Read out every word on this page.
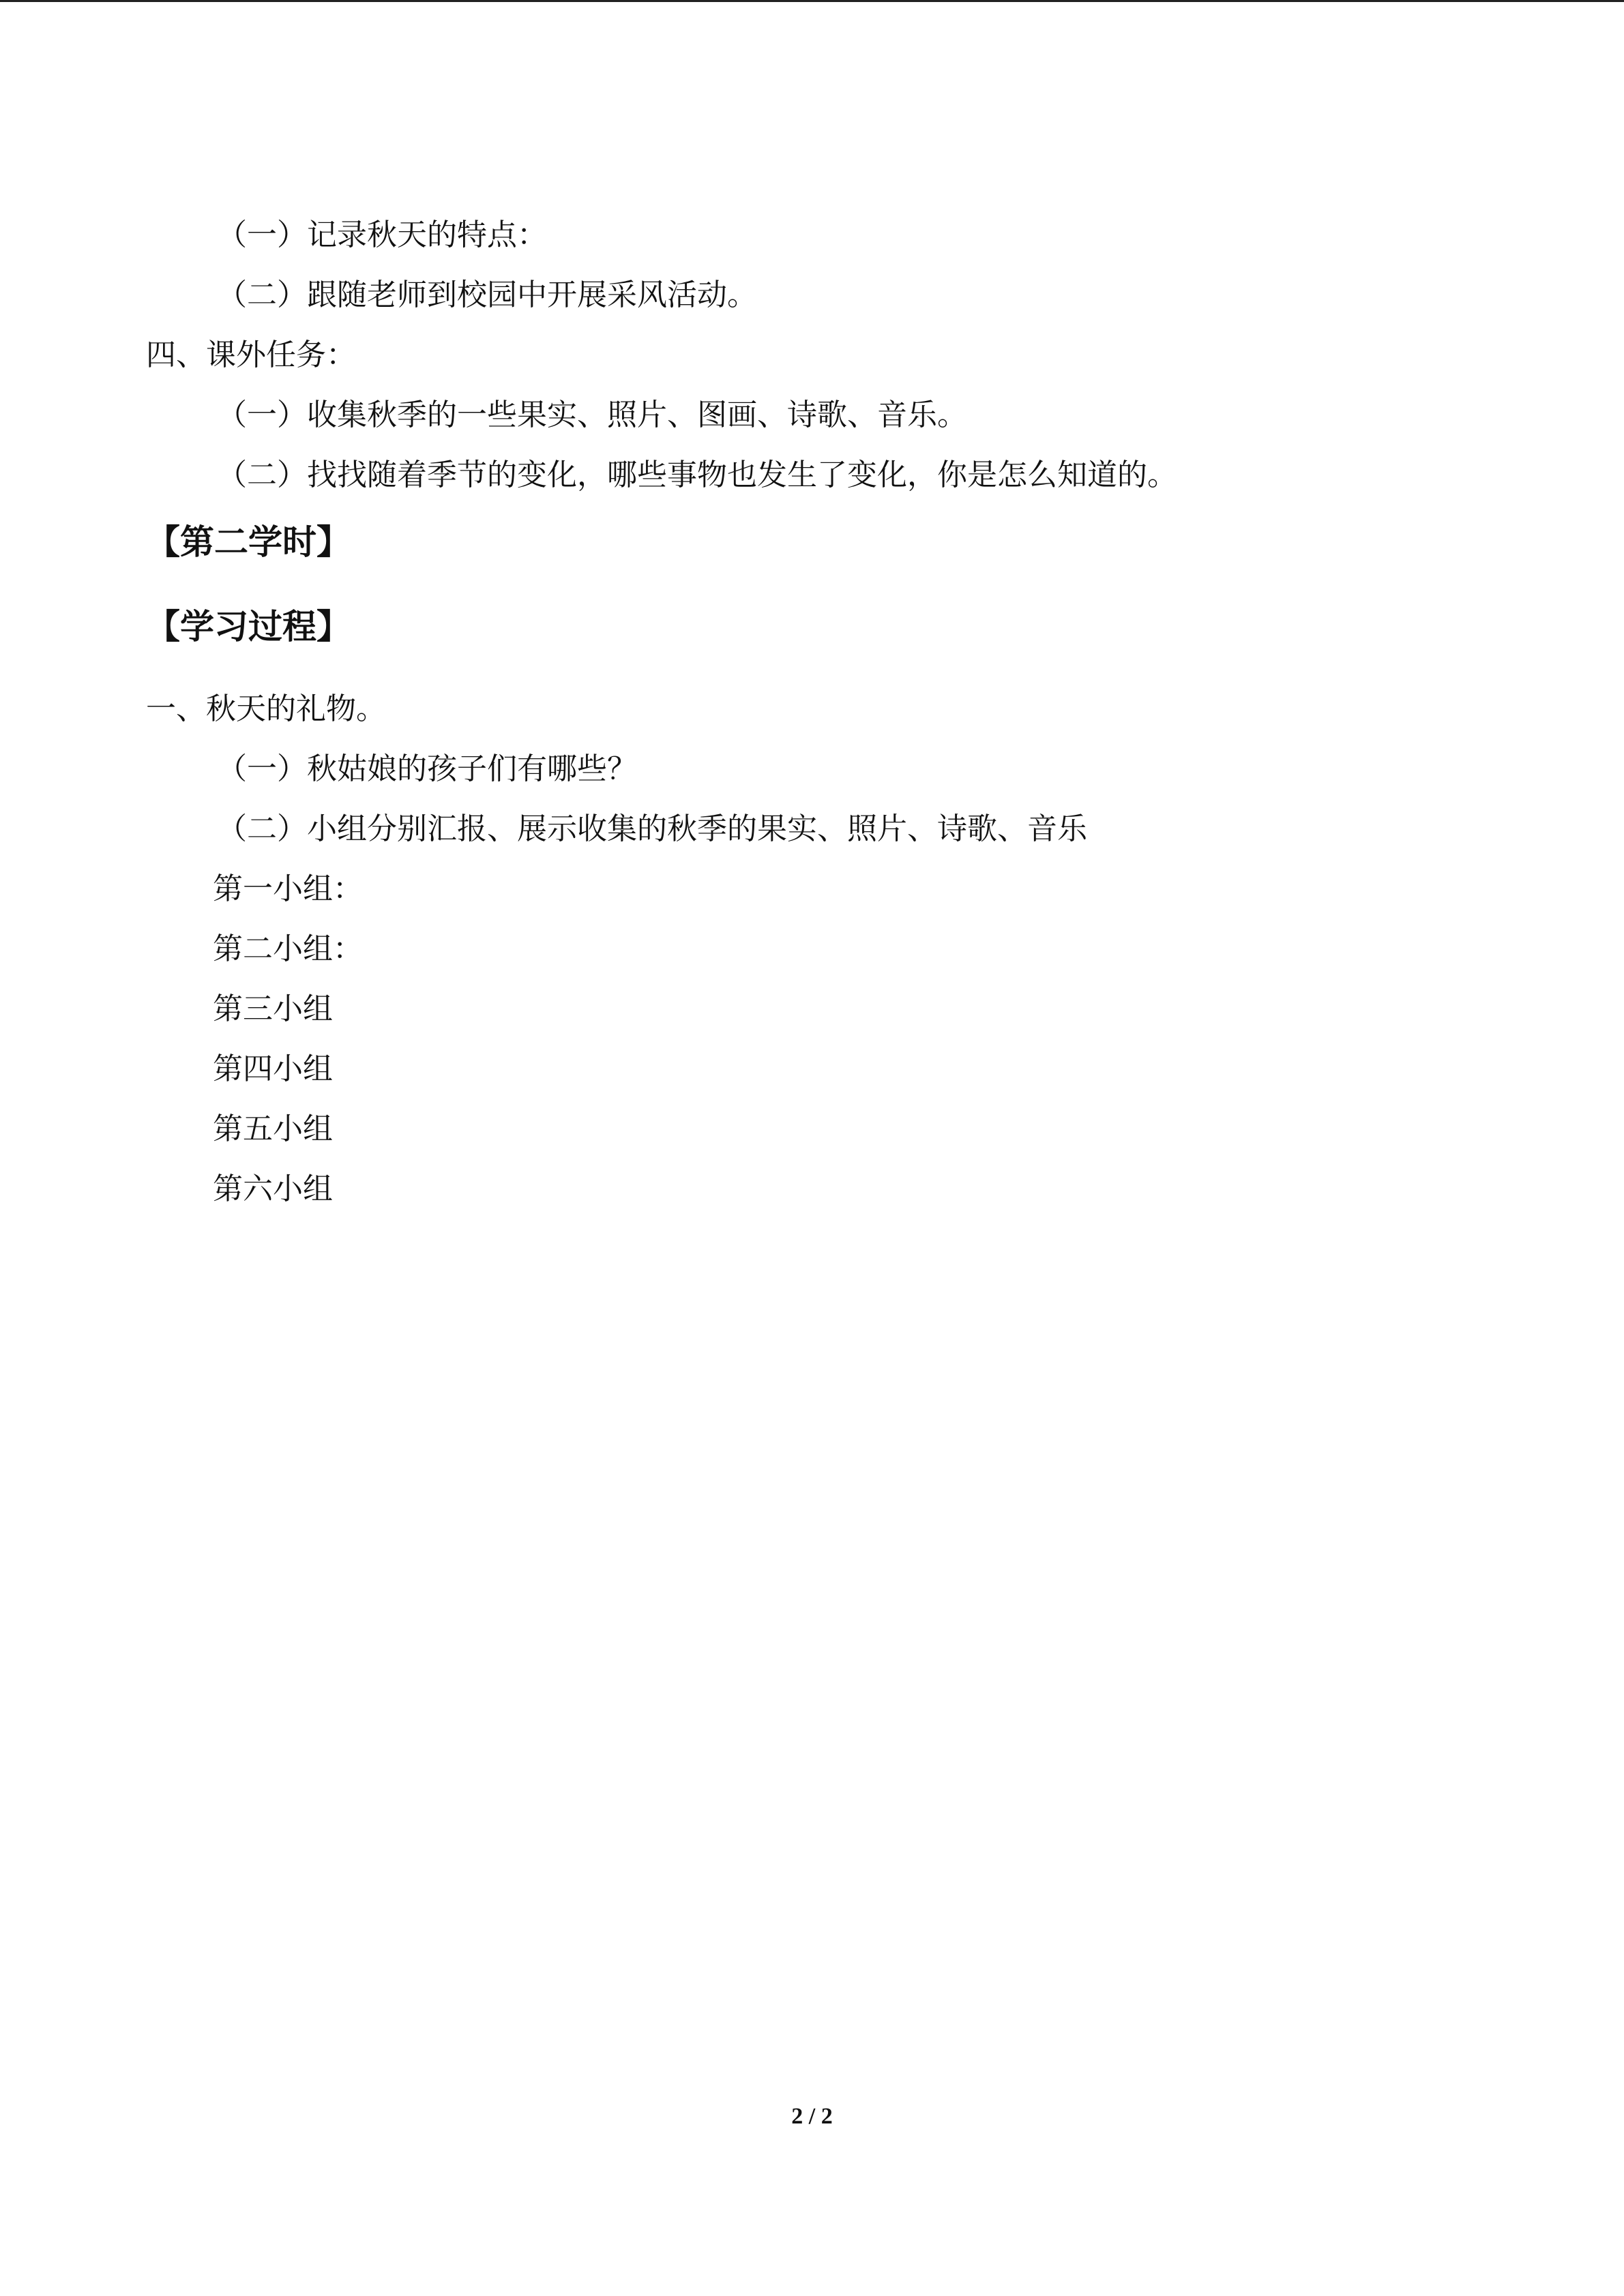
（一）记录秋天的特点：
（二）跟随老师到校园中开展采风活动。
四、课外任务：
（一）收集秋季的一些果实、照片、图画、诗歌、音乐。
（二）找找随着季节的变化，哪些事物也发生了变化，你是怎么知道的。
【第二学时】
【学习过程】
一、秋天的礼物。
（一）秋姑娘的孩子们有哪些？
（二）小组分别汇报、展示收集的秋季的果实、照片、诗歌、音乐
第一小组：
第二小组：
第三小组
第四小组
第五小组
第六小组
2 / 2
